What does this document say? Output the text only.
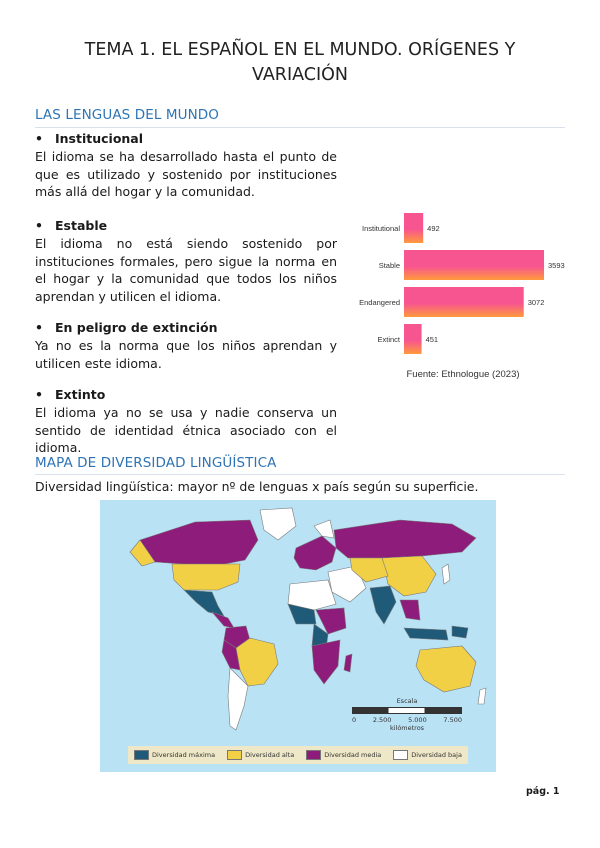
TEMA 1. EL ESPAÑOL EN EL MUNDO. ORÍGENES Y
VARIACIÓN
LAS LENGUAS DEL MUNDO

• Institucional

El idioma se ha desarrollado hasta el punto de que es utilizado y sostenido por instituciones más allá del hogar y la comunidad.

• Estable

El idioma no está siendo sostenido por instituciones formales, pero sigue la norma en el hogar y la comunidad que todos los niños aprendan y utilicen el idioma.

• En peligro de extinción

Ya no es la norma que los niños aprendan y utilicen este idioma.

• Extinto

El idioma ya no se usa y nadie conserva un sentido de identidad étnica asociado con el idioma.

Institutional	492
Stable	3593
Endangered	3072
Extinct	451
Fuente: Ethnologue (2023)
MAPA DE DIVERSIDAD LINGÜÍSTICA
Diversidad lingüística: mayor nº de lenguas x país según su superficie.
Escala
0	2.500	5.000	7.500
kilómetros
Diversidad máxima	Diversidad alta	Diversidad media	Diversidad baja
pág. 1
